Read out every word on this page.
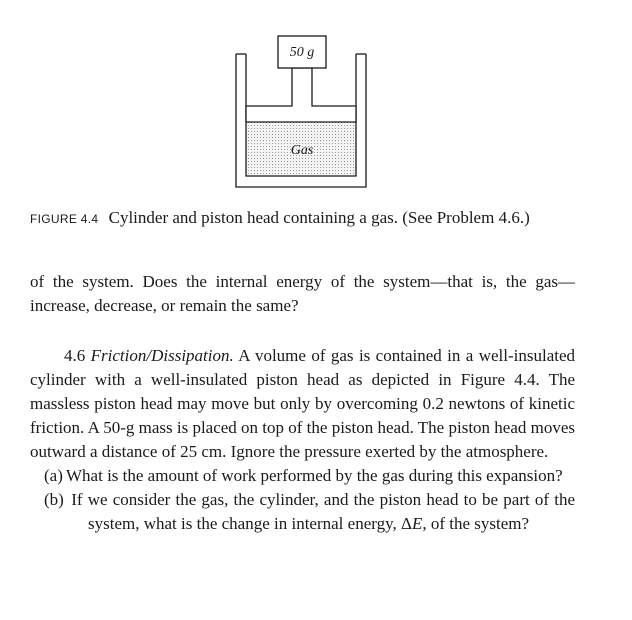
50 g
Gas
FIGURE 4.4 Cylinder and piston head containing a gas. (See Problem 4.6.)
of the system. Does the internal energy of the system—that is, the gas—increase, decrease, or remain the same?

4.6 Friction/Dissipation. A volume of gas is contained in a well-insulated cylinder with a well-insulated piston head as depicted in Figure 4.4. The massless piston head may move but only by overcoming 0.2 newtons of kinetic friction. A 50-g mass is placed on top of the piston head. The piston head moves outward a distance of 25 cm. Ignore the pressure exerted by the atmosphere.

(a) What is the amount of work performed by the gas during this expansion?

(b) If we consider the gas, the cylinder, and the piston head to be part of the system, what is the change in internal energy, ΔE, of the system?
